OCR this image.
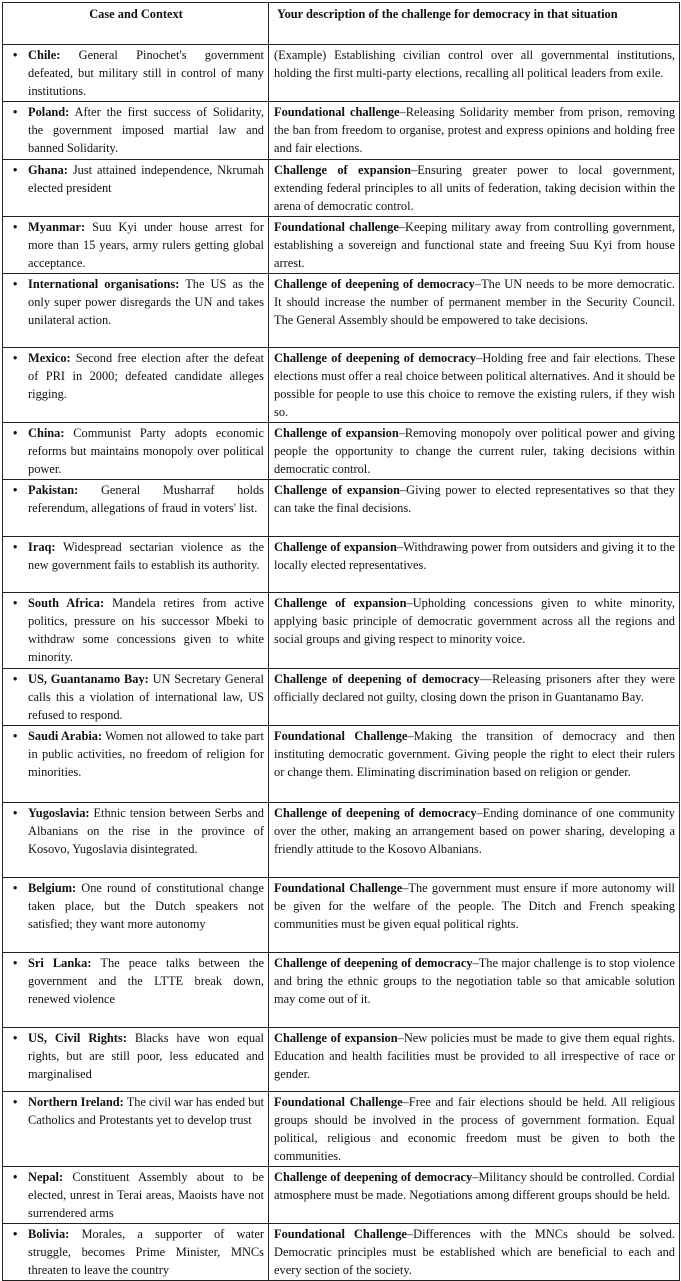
Case and Context	Your description of the challenge for democracy in that situation

• Chile: General Pinochet's government defeated, but military still in control of many institutions.	(Example) Establishing civilian control over all governmental institutions, holding the first multi-party elections, recalling all political leaders from exile.

• Poland: After the first success of Solidarity, the government imposed martial law and banned Solidarity.	Foundational challenge–Releasing Solidarity member from prison, removing the ban from freedom to organise, protest and express opinions and holding free and fair elections.

• Ghana: Just attained independence, Nkrumah elected president	Challenge of expansion–Ensuring greater power to local government, extending federal principles to all units of federation, taking decision within the arena of democratic control.

• Myanmar: Suu Kyi under house arrest for more than 15 years, army rulers getting global acceptance.	Foundational challenge–Keeping military away from controlling government, establishing a sovereign and functional state and freeing Suu Kyi from house arrest.

• International organisations: The US as the only super power disregards the UN and takes unilateral action.	Challenge of deepening of democracy–The UN needs to be more democratic. It should increase the number of permanent member in the Security Council. The General Assembly should be empowered to take decisions.

• Mexico: Second free election after the defeat of PRI in 2000; defeated candidate alleges rigging.	Challenge of deepening of democracy–Holding free and fair elections. These elections must offer a real choice between political alternatives. And it should be possible for people to use this choice to remove the existing rulers, if they wish so.

• China: Communist Party adopts economic reforms but maintains monopoly over political power.	Challenge of expansion–Removing monopoly over political power and giving people the opportunity to change the current ruler, taking decisions within democratic control.

• Pakistan: General Musharraf holds referendum, allegations of fraud in voters' list.	Challenge of expansion–Giving power to elected representatives so that they can take the final decisions.

• Iraq: Widespread sectarian violence as the new government fails to establish its authority.	Challenge of expansion–Withdrawing power from outsiders and giving it to the locally elected representatives.

• South Africa: Mandela retires from active politics, pressure on his successor Mbeki to withdraw some concessions given to white minority.	Challenge of expansion–Upholding concessions given to white minority, applying basic principle of democratic government across all the regions and social groups and giving respect to minority voice.

• US, Guantanamo Bay: UN Secretary General calls this a violation of international law, US refused to respond.	Challenge of deepening of democracy—Releasing prisoners after they were officially declared not guilty, closing down the prison in Guantanamo Bay.

• Saudi Arabia: Women not allowed to take part in public activities, no freedom of religion for minorities.	Foundational Challenge–Making the transition of democracy and then instituting democratic government. Giving people the right to elect their rulers or change them. Eliminating discrimination based on religion or gender.

• Yugoslavia: Ethnic tension between Serbs and Albanians on the rise in the province of Kosovo, Yugoslavia disintegrated.	Challenge of deepening of democracy–Ending dominance of one community over the other, making an arrangement based on power sharing, developing a friendly attitude to the Kosovo Albanians.

• Belgium: One round of constitutional change taken place, but the Dutch speakers not satisfied; they want more autonomy	Foundational Challenge–The government must ensure if more autonomy will be given for the welfare of the people. The Ditch and French speaking communities must be given equal political rights.

• Sri Lanka: The peace talks between the government and the LTTE break down, renewed violence	Challenge of deepening of democracy–The major challenge is to stop violence and bring the ethnic groups to the negotiation table so that amicable solution may come out of it.

• US, Civil Rights: Blacks have won equal rights, but are still poor, less educated and marginalised	Challenge of expansion–New policies must be made to give them equal rights. Education and health facilities must be provided to all irrespective of race or gender.

• Northern Ireland: The civil war has ended but Catholics and Protestants yet to develop trust	Foundational Challenge–Free and fair elections should be held. All religious groups should be involved in the process of government formation. Equal political, religious and economic freedom must be given to both the communities.

• Nepal: Constituent Assembly about to be elected, unrest in Terai areas, Maoists have not surrendered arms	Challenge of deepening of democracy–Militancy should be controlled. Cordial atmosphere must be made. Negotiations among different groups should be held.

• Bolivia: Morales, a supporter of water struggle, becomes Prime Minister, MNCs threaten to leave the country	Foundational Challenge–Differences with the MNCs should be solved. Democratic principles must be established which are beneficial to each and every section of the society.
